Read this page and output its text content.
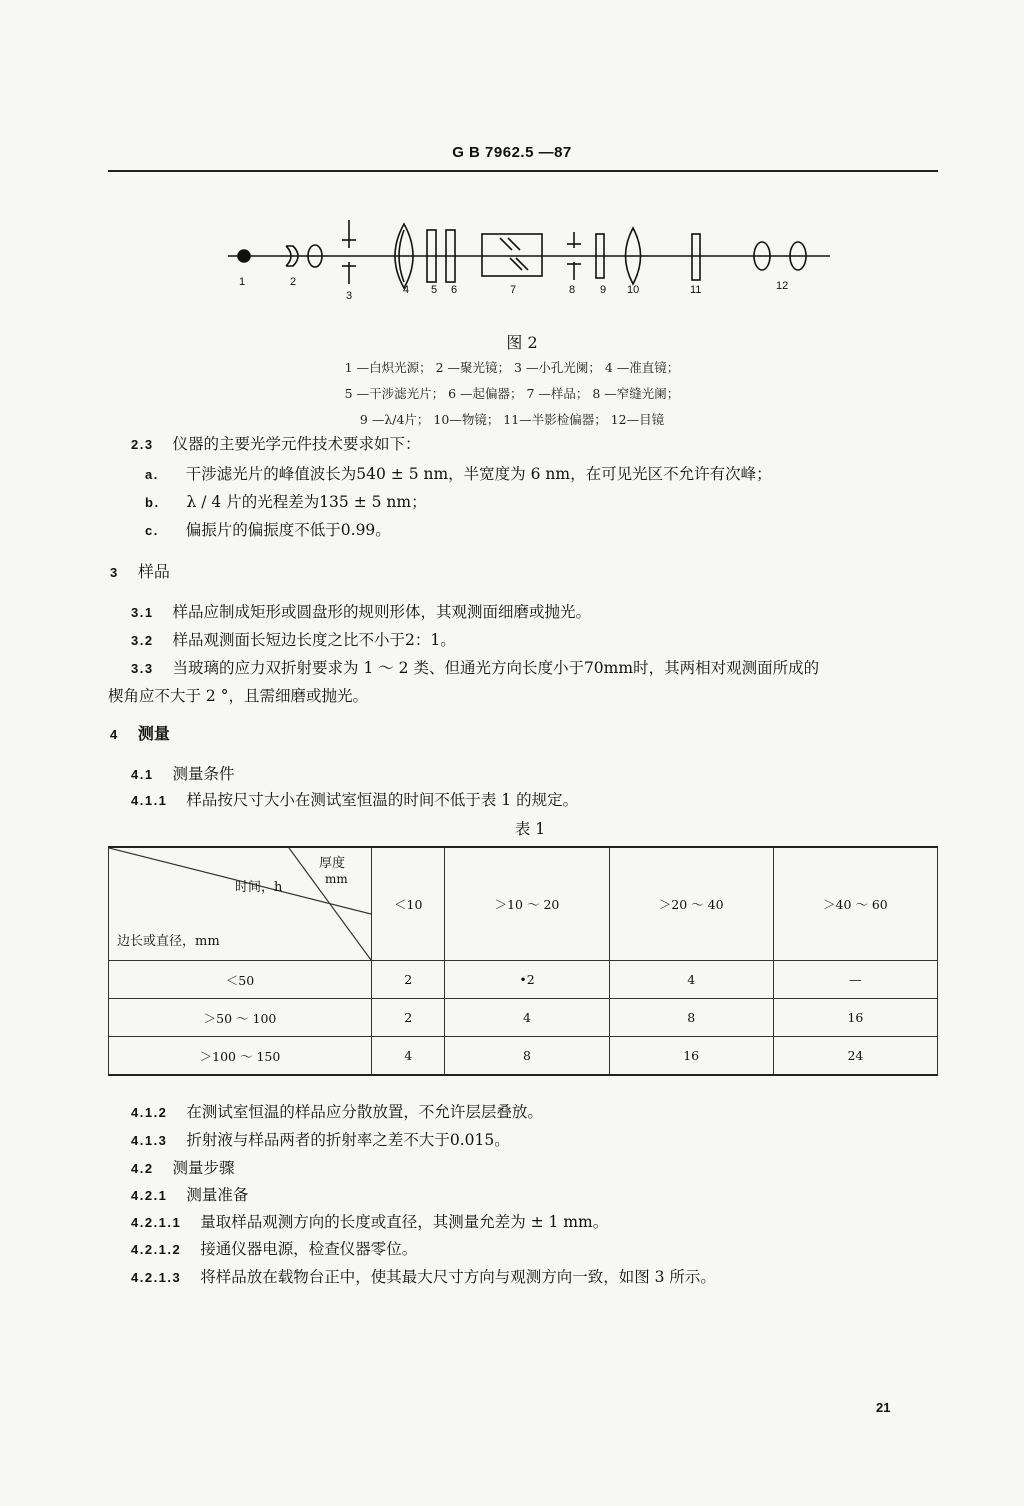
G B 7962.5 —87
1	2
3	4 5 6	7	8 9 10	11	12
图 2
1 —白炽光源； 2 —聚光镜； 3 —小孔光阑； 4 —准直镜；
5 —干涉滤光片； 6 —起偏器； 7 —样品； 8 —窄缝光阑；
9 —λ/4片； 10—物镜； 11—半影检偏器； 12—目镜
2.3 仪器的主要光学元件技术要求如下：
a. 干涉滤光片的峰值波长为540 ± 5 nm，半宽度为 6 nm，在可见光区不允许有次峰；
b. λ / 4 片的光程差为135 ± 5 nm；
c. 偏振片的偏振度不低于0.99。
3 样品
3.1 样品应制成矩形或圆盘形的规则形体，其观测面细磨或抛光。
3.2 样品观测面长短边长度之比不小于2：1。
3.3 当玻璃的应力双折射要求为 1 ～ 2 类、但通光方向长度小于70mm时，其两相对观测面所成的
楔角应不大于 2 °，且需细磨或抛光。
4 测量
4.1 测量条件
4.1.1 样品按尺寸大小在测试室恒温的时间不低于表 1 的规定。
表 1
厚度
mm
时间，h
边长或直径，mm	＜10	＞10 ～ 20	＞20 ～ 40	＞40 ～ 60
＜50	2	•2	4	—
＞50 ～ 100	2	4	8	16
＞100 ～ 150	4	8	16	24
4.1.2 在测试室恒温的样品应分散放置，不允许层层叠放。
4.1.3 折射液与样品两者的折射率之差不大于0.015。
4.2 测量步骤
4.2.1 测量准备
4.2.1.1 量取样品观测方向的长度或直径，其测量允差为 ± 1 mm。
4.2.1.2 接通仪器电源，检查仪器零位。
4.2.1.3 将样品放在载物台正中，使其最大尺寸方向与观测方向一致，如图 3 所示。
21
